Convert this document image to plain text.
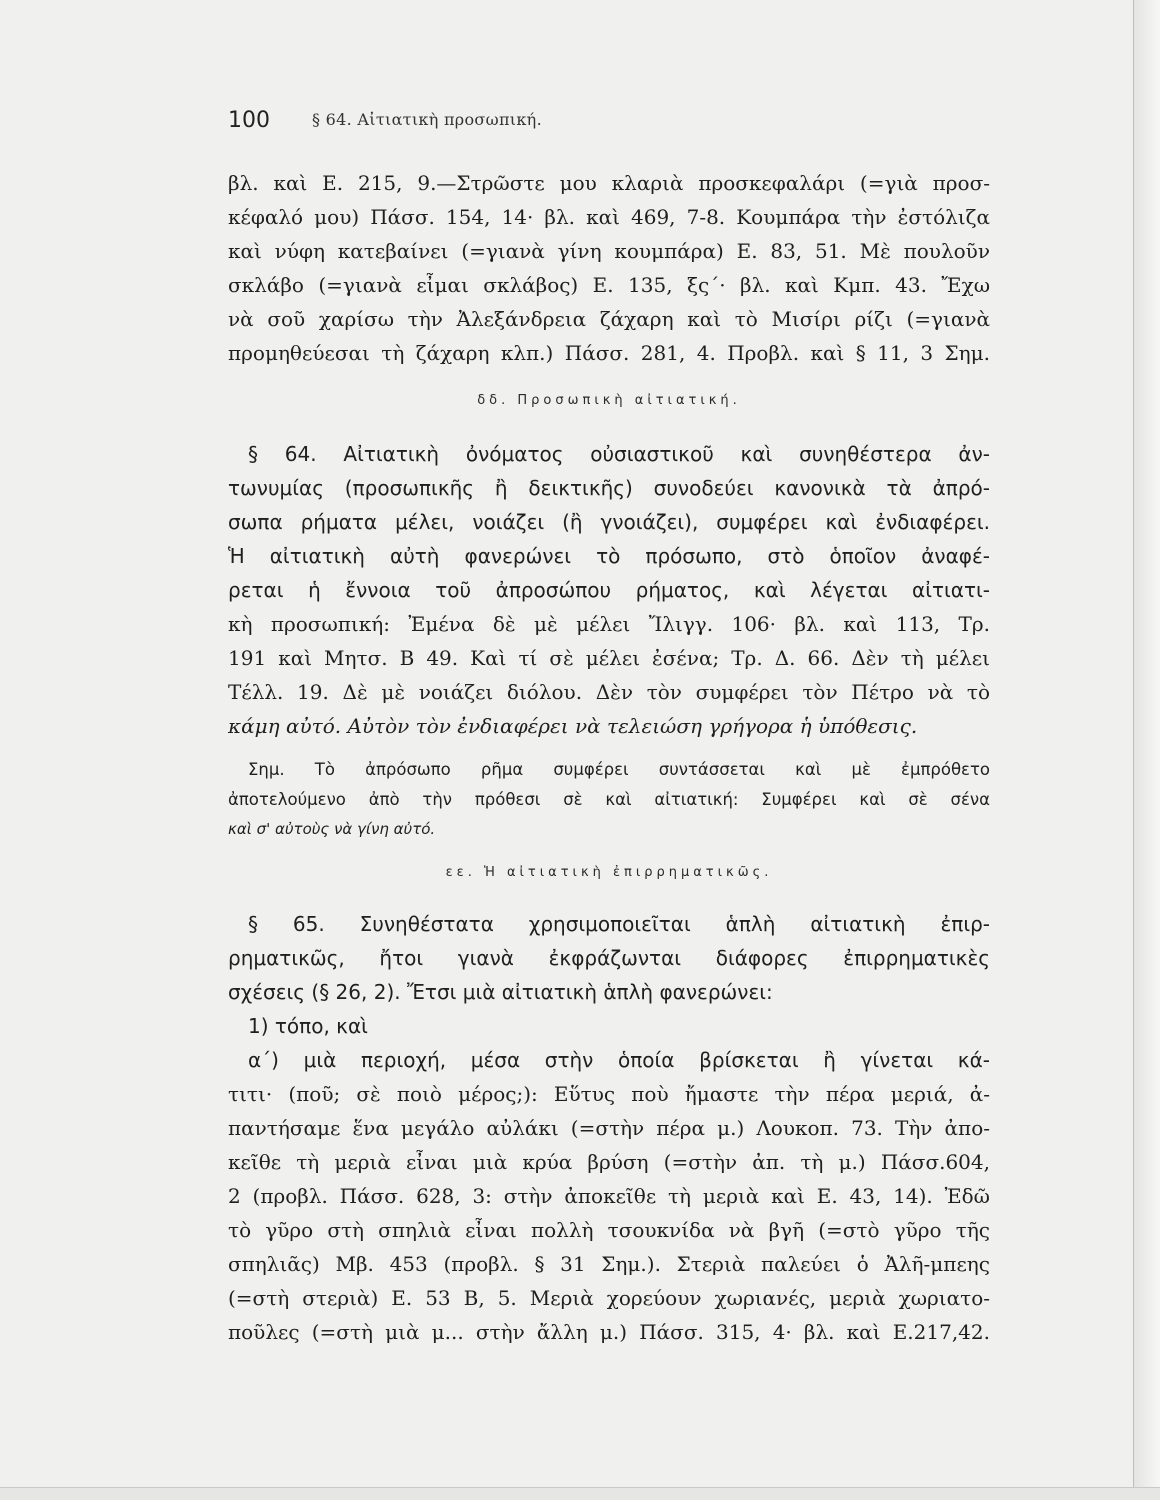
100	§ 64. Αἰτιατικὴ προσωπική.
βλ. καὶ Ε. 215, 9.—Στρῶστε μου κλαριὰ προσκεφαλάρι (=γιὰ προσ-
κέφαλό μου) Πάσσ. 154, 14· βλ. καὶ 469, 7-8. Κουμπάρα τὴν ἐστόλιζα
καὶ νύφη κατεβαίνει (=γιανὰ γίνη κουμπάρα) Ε. 83, 51. Μὲ πουλοῦν
σκλάβο (=γιανὰ εἶμαι σκλάβος) Ε. 135, ξς΄· βλ. καὶ Κμπ. 43. Ἔχω
νὰ σοῦ χαρίσω τὴν Ἀλεξάνδρεια ζάχαρη καὶ τὸ Μισίρι ρίζι (=γιανὰ
προμηθεύεσαι τὴ ζάχαρη κλπ.) Πάσσ. 281, 4. Προβλ. καὶ § 11, 3 Σημ.
δδ. Προσωπικὴ αἰτιατική.
§ 64. Αἰτιατικὴ ὀνόματος οὐσιαστικοῦ καὶ συνηθέστερα ἀν-
τωνυμίας (προσωπικῆς ἢ δεικτικῆς) συνοδεύει κανονικὰ τὰ ἀπρό-
σωπα ρήματα μέλει, νοιάζει (ἢ γνοιάζει), συμφέρει καὶ ἐνδιαφέρει.
Ἡ αἰτιατικὴ αὐτὴ φανερώνει τὸ πρόσωπο, στὸ ὁποῖον ἀναφέ-
ρεται ἡ ἔννοια τοῦ ἀπροσώπου ρήματος, καὶ λέγεται αἰτιατι-
κὴ προσωπική: Ἐμένα δὲ μὲ μέλει Ἴλιγγ. 106· βλ. καὶ 113, Τρ.
191 καὶ Μητσ. Β 49. Καὶ τί σὲ μέλει ἐσένα; Τρ. Δ. 66. Δὲν τὴ μέλει
Τέλλ. 19. Δὲ μὲ νοιάζει διόλου. Δὲν τὸν συμφέρει τὸν Πέτρο νὰ τὸ
κάμη αὐτό. Αὐτὸν τὸν ἐνδιαφέρει νὰ τελειώση γρήγορα ἡ ὑπόθεσις.
Σημ. Τὸ ἀπρόσωπο ρῆμα συμφέρει συντάσσεται καὶ μὲ ἐμπρόθετο
ἀποτελούμενο ἀπὸ τὴν πρόθεσι σὲ καὶ αἰτιατική: Συμφέρει καὶ σὲ σένα
καὶ σ' αὐτοὺς νὰ γίνη αὐτό.
εε. Ἡ αἰτιατικὴ ἐπιρρηματικῶς.
§ 65. Συνηθέστατα χρησιμοποιεῖται ἁπλὴ αἰτιατικὴ ἐπιρ-
ρηματικῶς, ἤτοι γιανὰ ἐκφράζωνται διάφορες ἐπιρρηματικὲς
σχέσεις (§ 26, 2). Ἔτσι μιὰ αἰτιατικὴ ἁπλὴ φανερώνει:
1) τόπο, καὶ
α΄) μιὰ περιοχή, μέσα στὴν ὁποία βρίσκεται ἢ γίνεται κά-
τιτι· (ποῦ; σὲ ποιὸ μέρος;): Εὕτυς ποὺ ἤμαστε τὴν πέρα μεριά, ἀ-
παντήσαμε ἕνα μεγάλο αὐλάκι (=στὴν πέρα μ.) Λουκοπ. 73. Τὴν ἀπο-
κεῖθε τὴ μεριὰ εἶναι μιὰ κρύα βρύση (=στὴν ἀπ. τὴ μ.) Πάσσ.604,
2 (προβλ. Πάσσ. 628, 3: στὴν ἀποκεῖθε τὴ μεριὰ καὶ Ε. 43, 14). Ἐδῶ
τὸ γῦρο στὴ σπηλιὰ εἶναι πολλὴ τσουκνίδα νὰ βγῆ (=στὸ γῦρο τῆς
σπηλιᾶς) Μβ. 453 (προβλ. § 31 Σημ.). Στεριὰ παλεύει ὁ Ἀλῆ-μπεης
(=στὴ στεριὰ) Ε. 53 Β, 5. Μεριὰ χορεύουν χωριανές, μεριὰ χωριατο-
ποῦλες (=στὴ μιὰ μ... στὴν ἄλλη μ.) Πάσσ. 315, 4· βλ. καὶ Ε.217,42.
